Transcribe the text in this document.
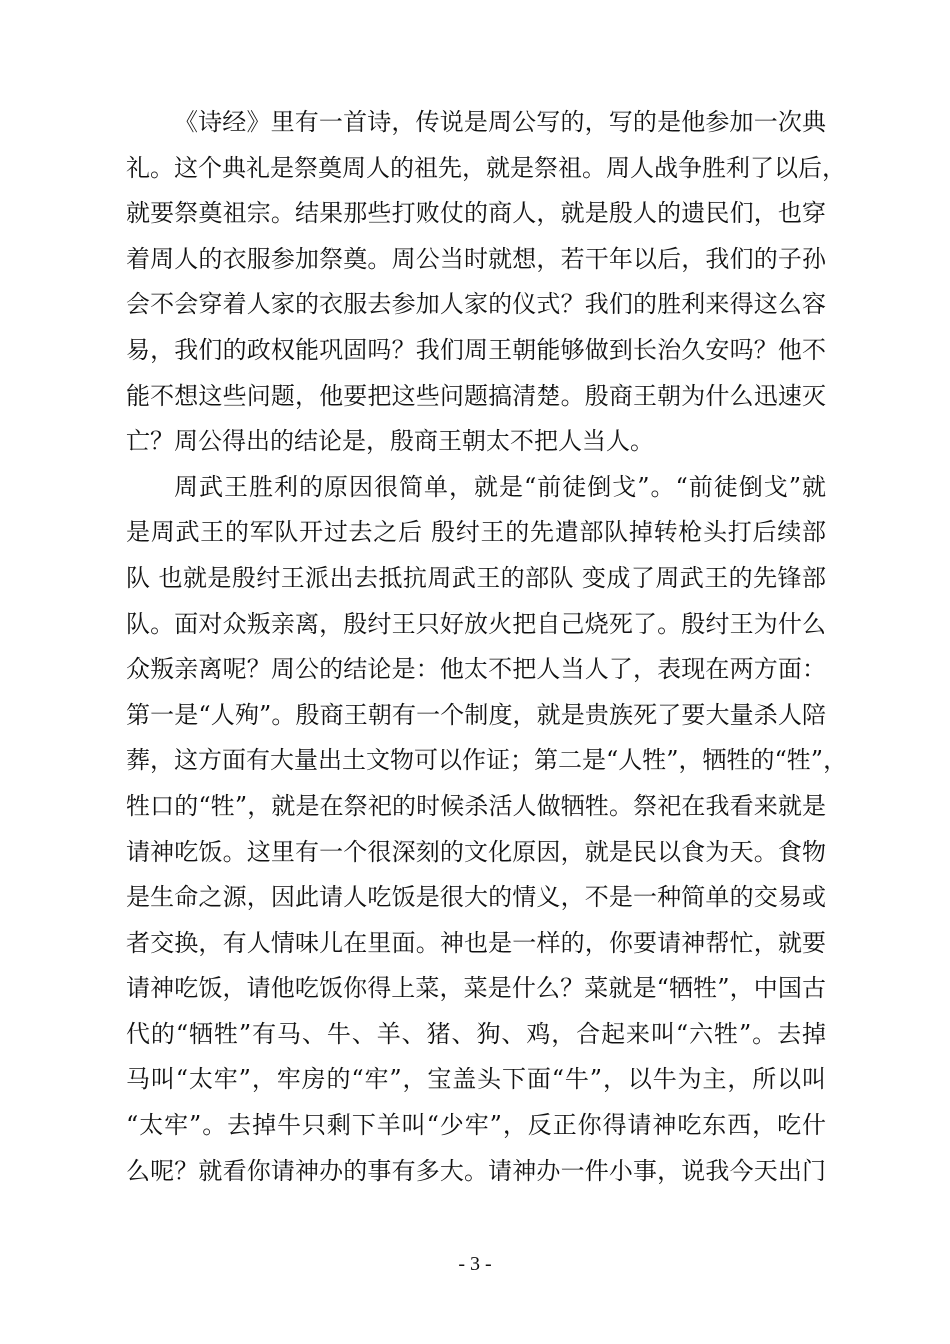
《诗经》里有一首诗，传说是周公写的，写的是他参加一次典
礼。这个典礼是祭奠周人的祖先，就是祭祖。周人战争胜利了以后，
就要祭奠祖宗。结果那些打败仗的商人，就是殷人的遗民们，也穿
着周人的衣服参加祭奠。周公当时就想，若干年以后，我们的子孙
会不会穿着人家的衣服去参加人家的仪式？我们的胜利来得这么容
易，我们的政权能巩固吗？我们周王朝能够做到长治久安吗？他不
能不想这些问题，他要把这些问题搞清楚。殷商王朝为什么迅速灭
亡？周公得出的结论是，殷商王朝太不把人当人。
周武王胜利的原因很简单，就是“前徒倒戈”。“前徒倒戈”就
是周武王的军队开过去之后 殷纣王的先遣部队掉转枪头打后续部
队 也就是殷纣王派出去抵抗周武王的部队 变成了周武王的先锋部
队。面对众叛亲离，殷纣王只好放火把自己烧死了。殷纣王为什么
众叛亲离呢？周公的结论是：他太不把人当人了，表现在两方面：
第一是“人殉”。殷商王朝有一个制度，就是贵族死了要大量杀人陪
葬，这方面有大量出土文物可以作证；第二是“人牲”，牺牲的“牲”，
牲口的“牲”，就是在祭祀的时候杀活人做牺牲。祭祀在我看来就是
请神吃饭。这里有一个很深刻的文化原因，就是民以食为天。食物
是生命之源，因此请人吃饭是很大的情义，不是一种简单的交易或
者交换，有人情味儿在里面。神也是一样的，你要请神帮忙，就要
请神吃饭，请他吃饭你得上菜，菜是什么？菜就是“牺牲”，中国古
代的“牺牲”有马、牛、羊、猪、狗、鸡，合起来叫“六牲”。去掉
马叫“太牢”，牢房的“牢”，宝盖头下面“牛”，以牛为主，所以叫
“太牢”。去掉牛只剩下羊叫“少牢”，反正你得请神吃东西，吃什
么呢？就看你请神办的事有多大。请神办一件小事，说我今天出门
- 3 -
